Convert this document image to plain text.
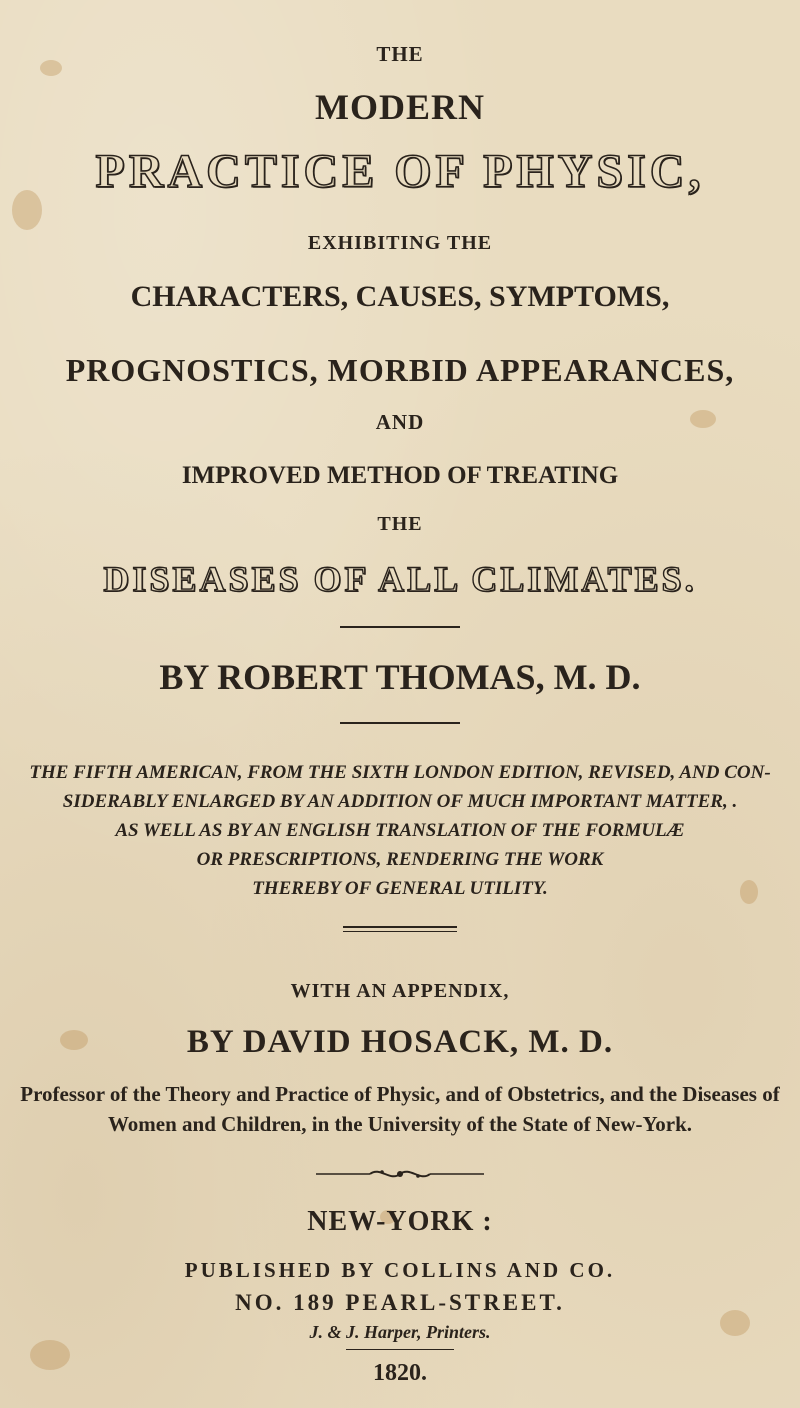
THE
MODERN
PRACTICE OF PHYSIC,
EXHIBITING THE
CHARACTERS, CAUSES, SYMPTOMS,
PROGNOSTICS, MORBID APPEARANCES,
AND
IMPROVED METHOD OF TREATING
THE
DISEASES OF ALL CLIMATES.
BY ROBERT THOMAS, M. D.
THE FIFTH AMERICAN, FROM THE SIXTH LONDON EDITION, REVISED, AND CON-
SIDERABLY ENLARGED BY AN ADDITION OF MUCH IMPORTANT MATTER, .
AS WELL AS BY AN ENGLISH TRANSLATION OF THE FORMULÆ
OR PRESCRIPTIONS, RENDERING THE WORK
THEREBY OF GENERAL UTILITY.
WITH AN APPENDIX,
BY DAVID HOSACK, M. D.
Professor of the Theory and Practice of Physic, and of Obstetrics, and the Diseases of
Women and Children, in the University of the State of New-York.
NEW-YORK :
PUBLISHED BY COLLINS AND CO.
NO. 189 PEARL-STREET.
J. & J. Harper, Printers.
1820.
